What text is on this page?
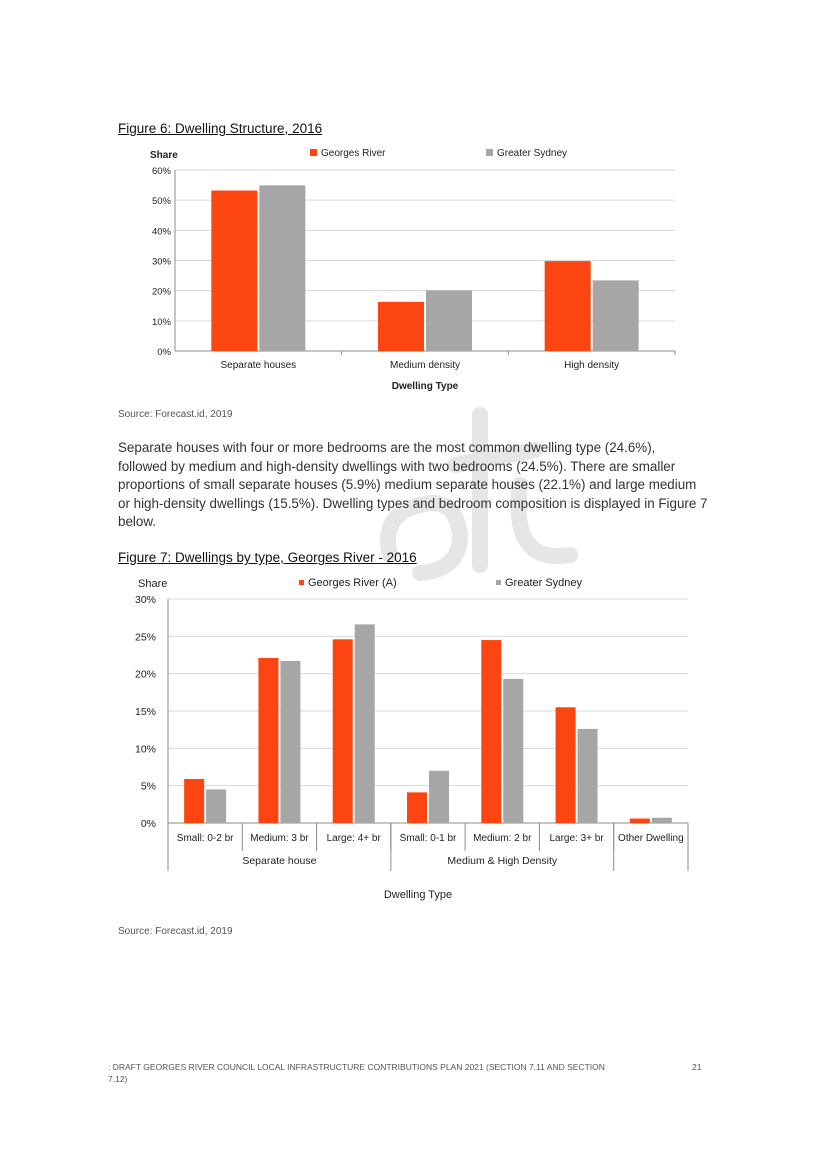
Figure 6: Dwelling Structure, 2016
0%
10%
20%
30%
40%
50%
60%
Separate houses	Medium density	High density
Share
Dwelling Type
Georges River	Greater Sydney
Source: Forecast.id, 2019
Separate houses with four or more bedrooms are the most common dwelling type (24.6%),
followed by medium and high-density dwellings with two bedrooms (24.5%). There are smaller
proportions of small separate houses (5.9%) medium separate houses (22.1%) and large medium
or high-density dwellings (15.5%). Dwelling types and bedroom composition is displayed in Figure 7
below.
Figure 7: Dwellings by type, Georges River - 2016
0%
5%
10%
15%
20%
25%
30%
Small: 0-2 br Medium: 3 br Large: 4+ br Small: 0-1 br Medium: 2 br Large: 3+ br Other Dwelling
Separate house	Medium & High Density
Share
Dwelling Type
Georges River (A)	Greater Sydney
Source: Forecast.id, 2019
: DRAFT GEORGES RIVER COUNCIL LOCAL INFRASTRUCTURE CONTRIBUTIONS PLAN 2021 (SECTION 7.11 AND SECTION
7.12)
21
